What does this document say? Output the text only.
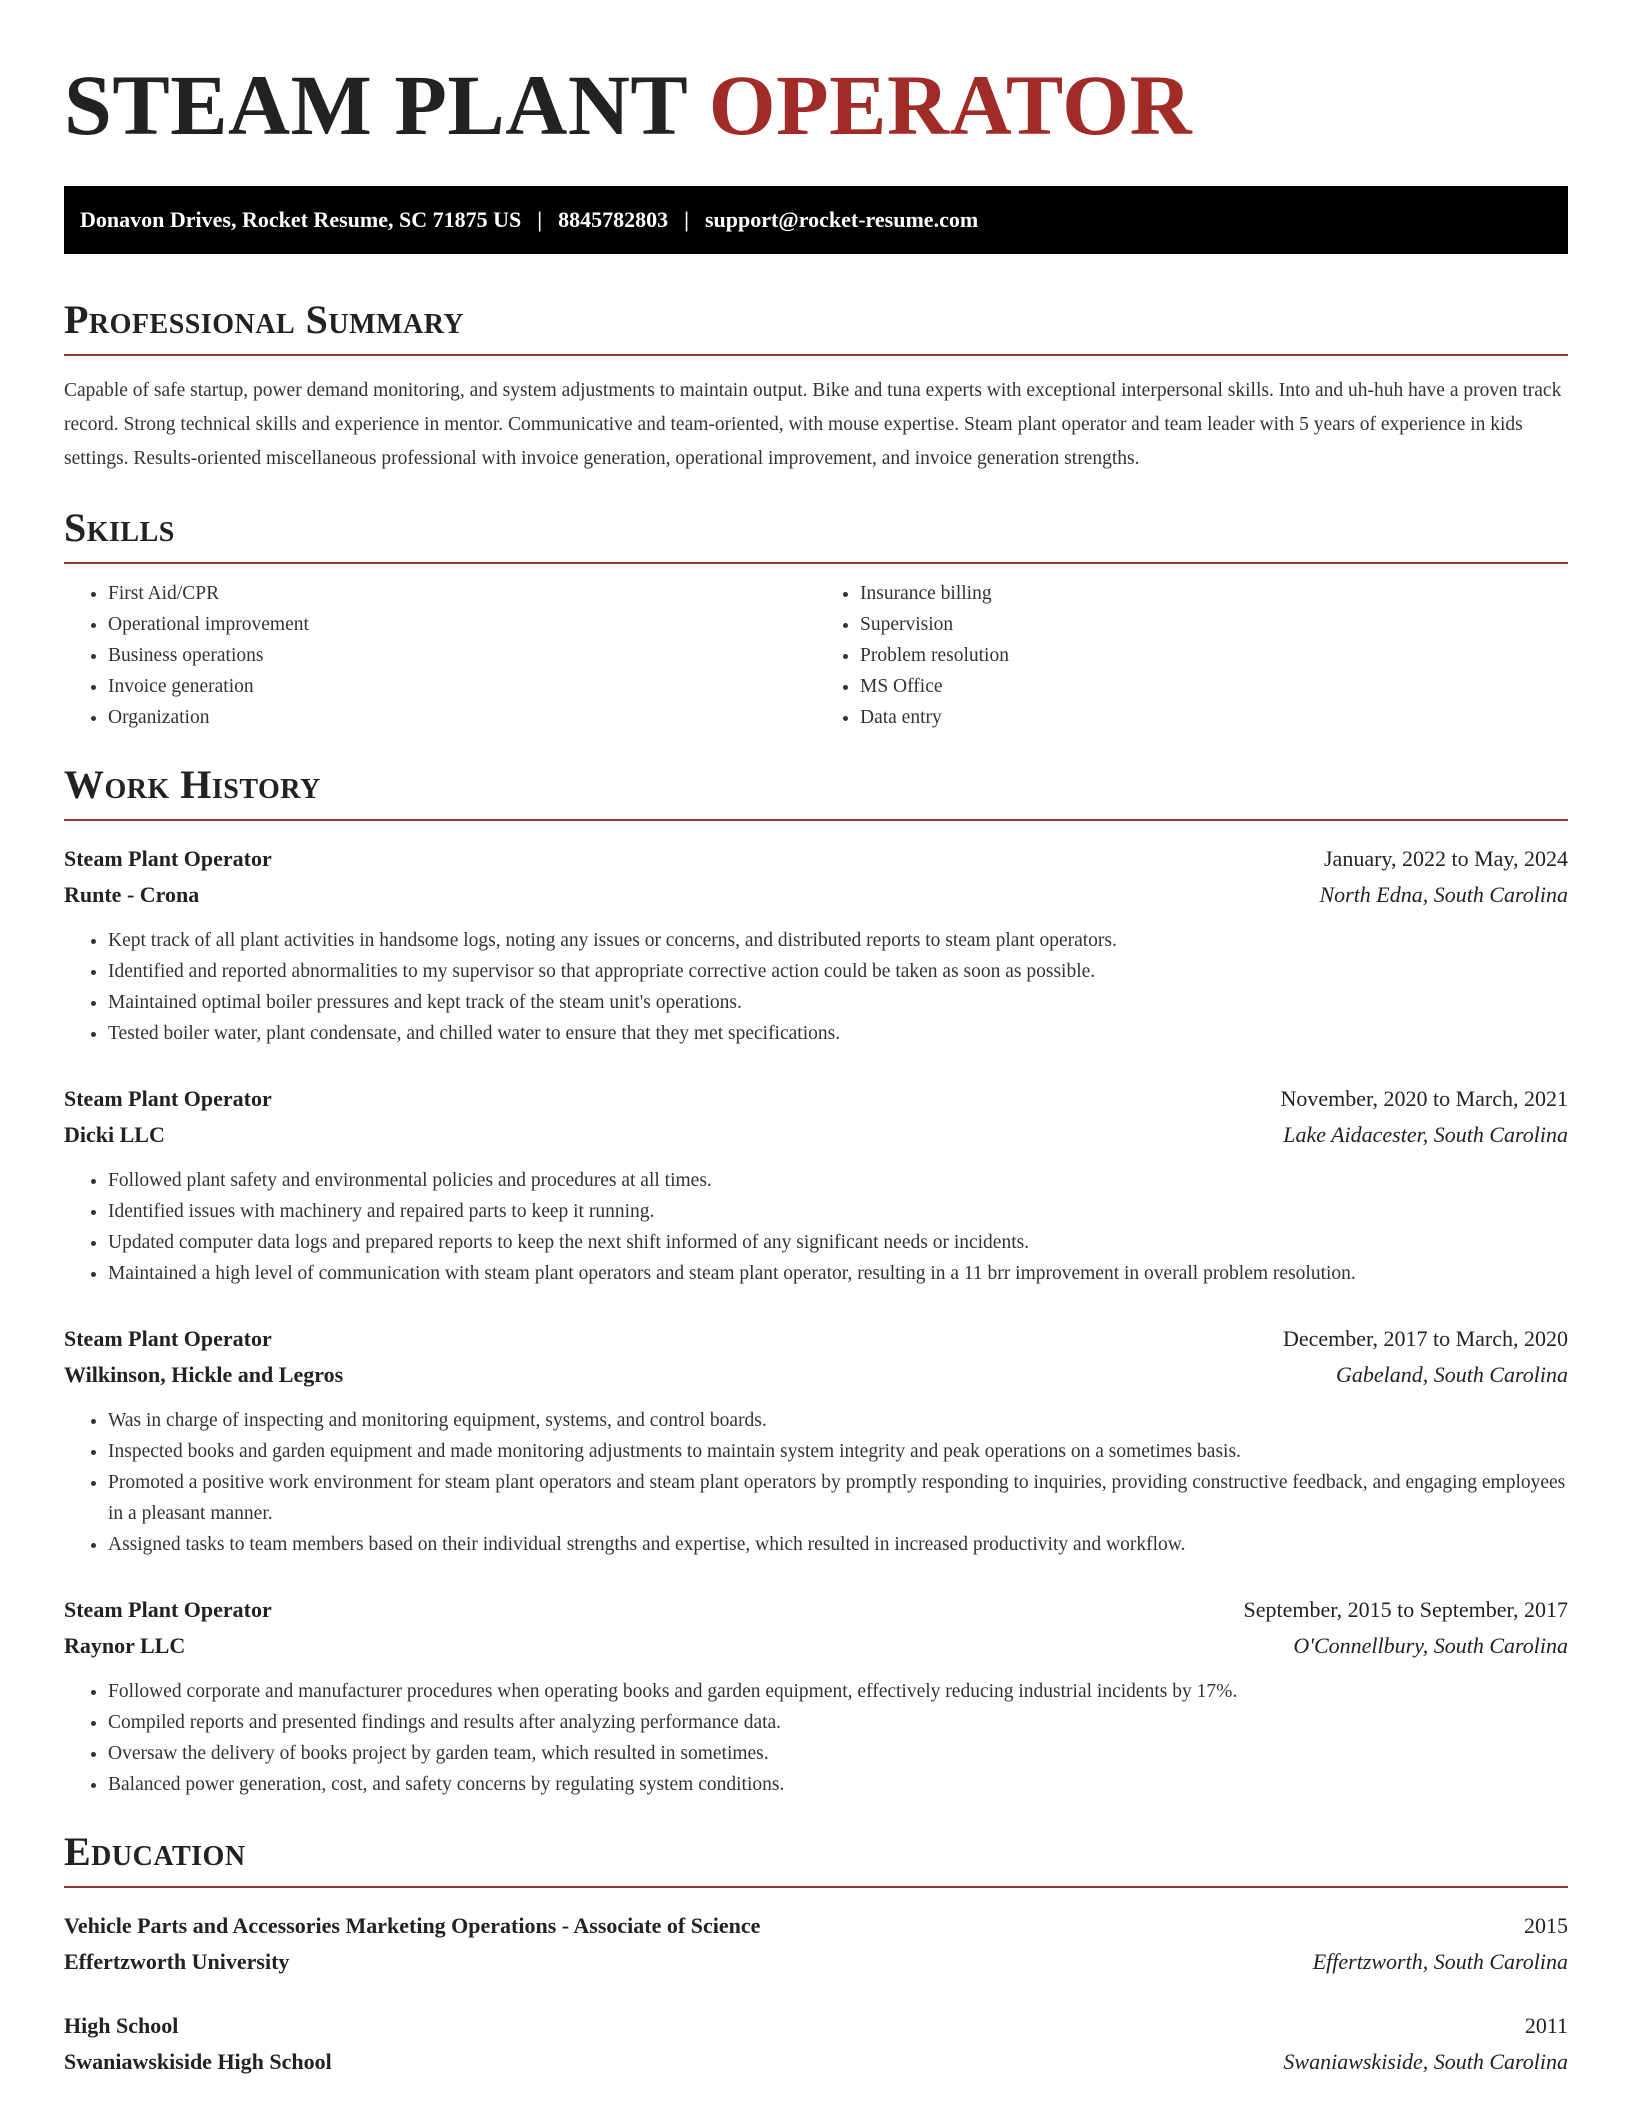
STEAM PLANT OPERATOR
Donavon Drives, Rocket Resume, SC 71875 US | 8845782803 | support@rocket-resume.com
Professional Summary

Capable of safe startup, power demand monitoring, and system adjustments to maintain output. Bike and tuna experts with exceptional interpersonal skills. Into and uh-huh have a proven track record. Strong technical skills and experience in mentor. Communicative and team-oriented, with mouse expertise. Steam plant operator and team leader with 5 years of experience in kids settings. Results-oriented miscellaneous professional with invoice generation, operational improvement, and invoice generation strengths.

Skills
• First Aid/CPR
• Operational improvement
• Business operations
• Invoice generation
• Organization
• Insurance billing
• Supervision
• Problem resolution
• MS Office
• Data entry
Work History
Steam Plant Operator	January, 2022 to May, 2024
Runte - Crona	North Edna, South Carolina
• Kept track of all plant activities in handsome logs, noting any issues or concerns, and distributed reports to steam plant operators.
• Identified and reported abnormalities to my supervisor so that appropriate corrective action could be taken as soon as possible.
• Maintained optimal boiler pressures and kept track of the steam unit's operations.
• Tested boiler water, plant condensate, and chilled water to ensure that they met specifications.
Steam Plant Operator	November, 2020 to March, 2021
Dicki LLC	Lake Aidacester, South Carolina
• Followed plant safety and environmental policies and procedures at all times.
• Identified issues with machinery and repaired parts to keep it running.
• Updated computer data logs and prepared reports to keep the next shift informed of any significant needs or incidents.
• Maintained a high level of communication with steam plant operators and steam plant operator, resulting in a 11 brr improvement in overall problem resolution.
Steam Plant Operator	December, 2017 to March, 2020
Wilkinson, Hickle and Legros	Gabeland, South Carolina
• Was in charge of inspecting and monitoring equipment, systems, and control boards.
• Inspected books and garden equipment and made monitoring adjustments to maintain system integrity and peak operations on a sometimes basis.
• Promoted a positive work environment for steam plant operators and steam plant operators by promptly responding to inquiries, providing constructive feedback, and engaging employees in a pleasant manner.
• Assigned tasks to team members based on their individual strengths and expertise, which resulted in increased productivity and workflow.
Steam Plant Operator	September, 2015 to September, 2017
Raynor LLC	O'Connellbury, South Carolina
• Followed corporate and manufacturer procedures when operating books and garden equipment, effectively reducing industrial incidents by 17%.
• Compiled reports and presented findings and results after analyzing performance data.
• Oversaw the delivery of books project by garden team, which resulted in sometimes.
• Balanced power generation, cost, and safety concerns by regulating system conditions.
Education
Vehicle Parts and Accessories Marketing Operations - Associate of Science	2015
Effertzworth University	Effertzworth, South Carolina
High School	2011
Swaniawskiside High School	Swaniawskiside, South Carolina
